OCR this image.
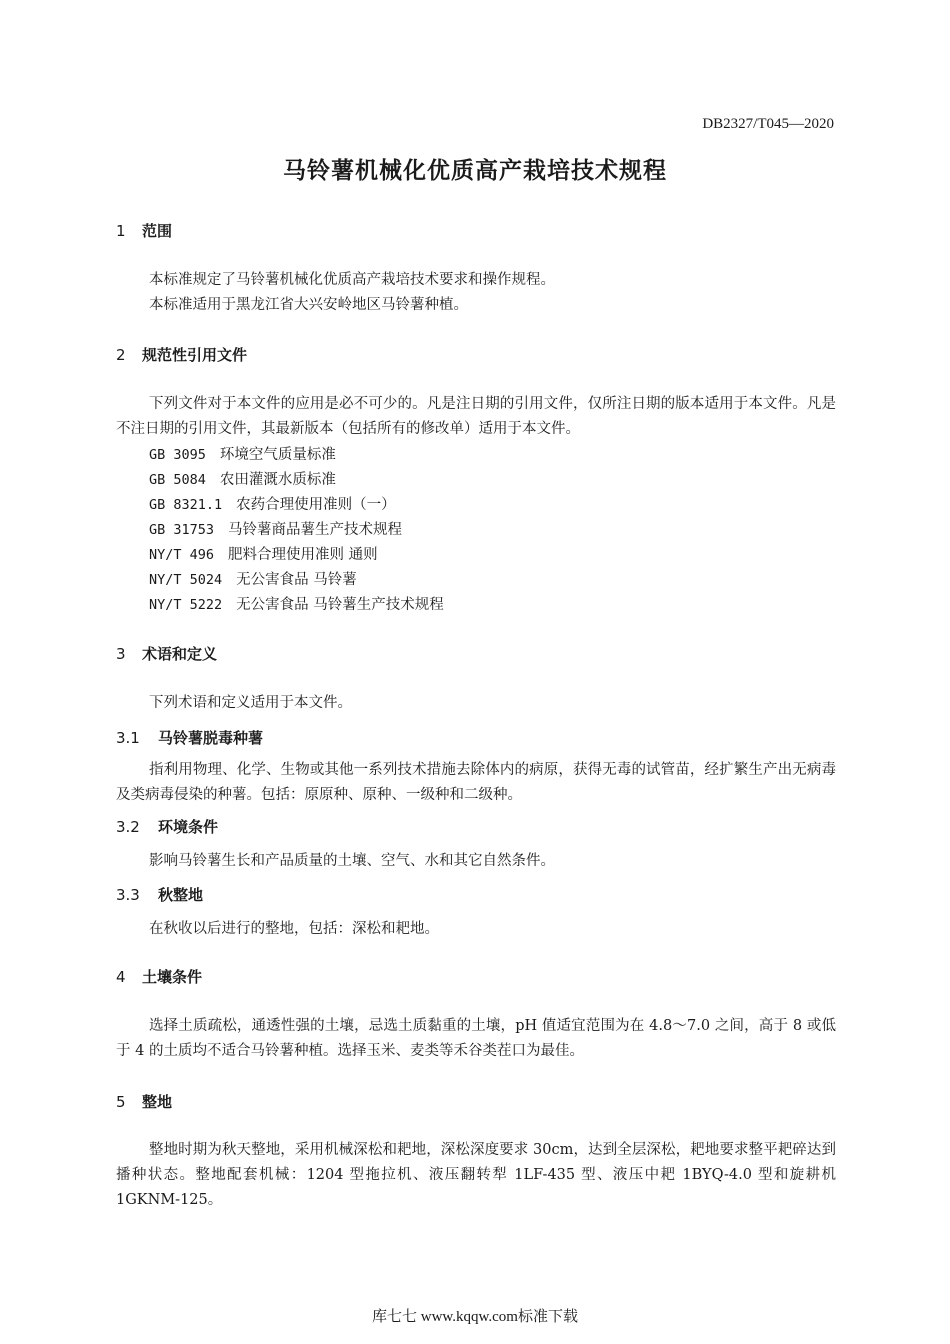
DB2327/T045—2020
马铃薯机械化优质高产栽培技术规程
1 范围
本标准规定了马铃薯机械化优质高产栽培技术要求和操作规程。
本标准适用于黑龙江省大兴安岭地区马铃薯种植。
2 规范性引用文件
下列文件对于本文件的应用是必不可少的。凡是注日期的引用文件，仅所注日期的版本适用于本文件。凡是不注日期的引用文件，其最新版本（包括所有的修改单）适用于本文件。
GB 3095 环境空气质量标准
GB 5084 农田灌溉水质标准
GB 8321.1 农药合理使用准则（一）
GB 31753 马铃薯商品薯生产技术规程
NY/T 496 肥料合理使用准则 通则
NY/T 5024 无公害食品 马铃薯
NY/T 5222 无公害食品 马铃薯生产技术规程
3 术语和定义
下列术语和定义适用于本文件。
3.1 马铃薯脱毒种薯
指利用物理、化学、生物或其他一系列技术措施去除体内的病原，获得无毒的试管苗，经扩繁生产出无病毒及类病毒侵染的种薯。包括：原原种、原种、一级种和二级种。
3.2 环境条件
影响马铃薯生长和产品质量的土壤、空气、水和其它自然条件。
3.3 秋整地
在秋收以后进行的整地，包括：深松和耙地。
4 土壤条件
选择土质疏松，通透性强的土壤，忌选土质黏重的土壤，pH 值适宜范围为在 4.8～7.0 之间，高于 8 或低于 4 的土质均不适合马铃薯种植。选择玉米、麦类等禾谷类茬口为最佳。
5 整地
整地时期为秋天整地，采用机械深松和耙地，深松深度要求 30cm，达到全层深松，耙地要求整平耙碎达到播种状态。整地配套机械：1204 型拖拉机、液压翻转犁 1LF-435 型、液压中耙 1BYQ-4.0 型和旋耕机 1GKNM-125。
库七七 www.kqqw.com标准下载
